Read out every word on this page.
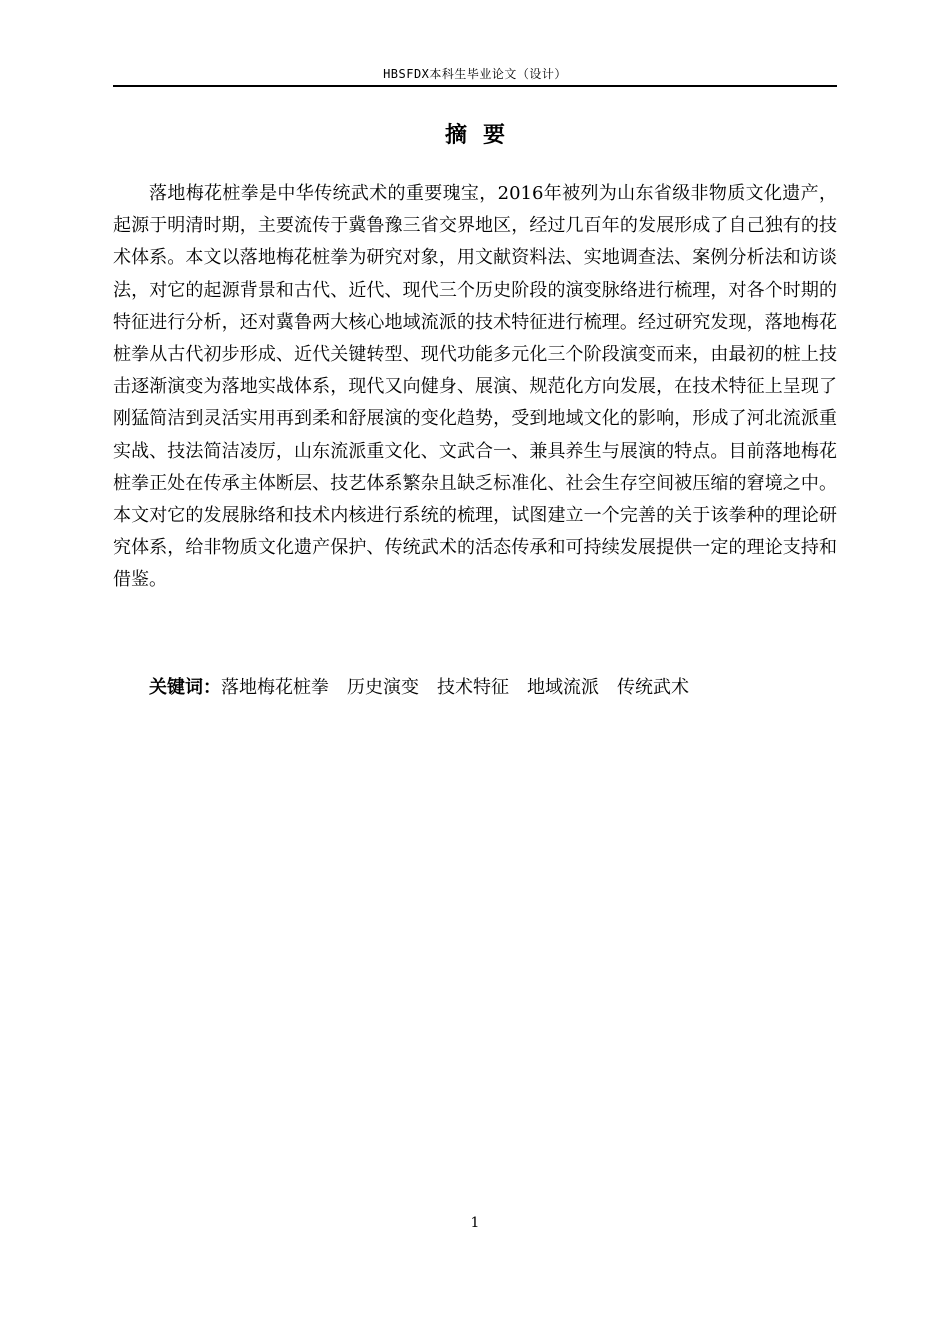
HBSFDX本科生毕业论文（设计）
摘要

落地梅花桩拳是中华传统武术的重要瑰宝，2016年被列为山东省级非物质文化遗产，起源于明清时期，主要流传于冀鲁豫三省交界地区，经过几百年的发展形成了自己独有的技术体系。本文以落地梅花桩拳为研究对象，用文献资料法、实地调查法、案例分析法和访谈法，对它的起源背景和古代、近代、现代三个历史阶段的演变脉络进行梳理，对各个时期的特征进行分析，还对冀鲁两大核心地域流派的技术特征进行梳理。经过研究发现，落地梅花桩拳从古代初步形成、近代关键转型、现代功能多元化三个阶段演变而来，由最初的桩上技击逐渐演变为落地实战体系，现代又向健身、展演、规范化方向发展，在技术特征上呈现了刚猛简洁到灵活实用再到柔和舒展演的变化趋势，受到地域文化的影响，形成了河北流派重实战、技法简洁凌厉，山东流派重文化、文武合一、兼具养生与展演的特点。目前落地梅花桩拳正处在传承主体断层、技艺体系繁杂且缺乏标准化、社会生存空间被压缩的窘境之中。本文对它的发展脉络和技术内核进行系统的梳理，试图建立一个完善的关于该拳种的理论研究体系，给非物质文化遗产保护、传统武术的活态传承和可持续发展提供一定的理论支持和借鉴。

关键词：落地梅花桩拳 历史演变 技术特征 地域流派 传统武术
1
